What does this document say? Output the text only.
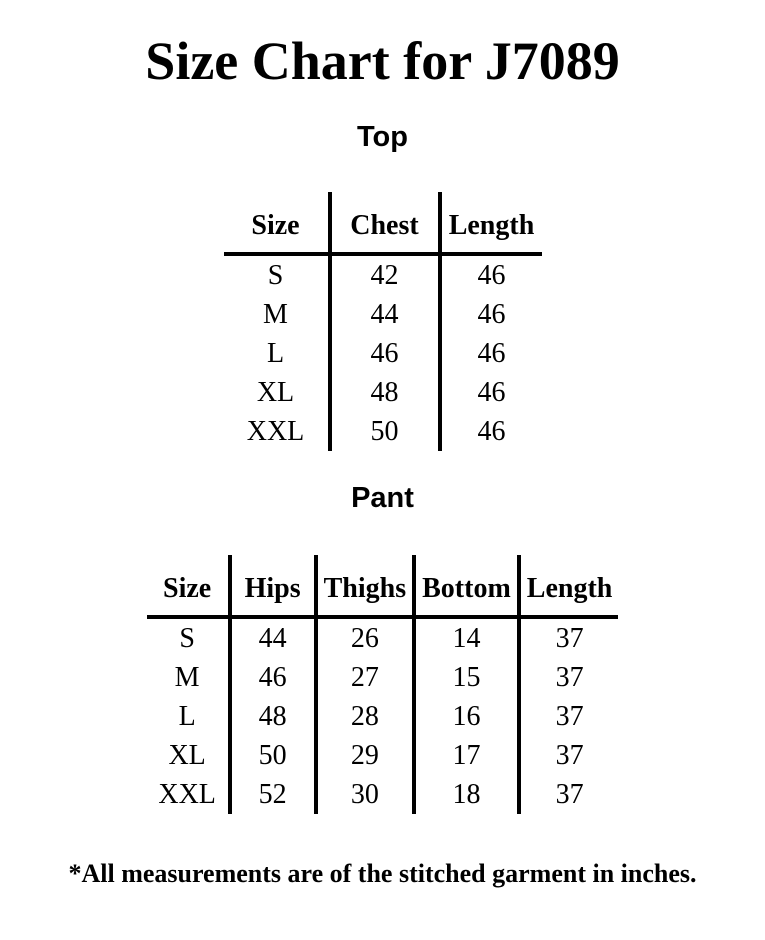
Size Chart for J7089
Top
Size	Chest	Length
S	42	46
M	44	46
L	46	46
XL	48	46
XXL	50	46
Pant
Size	Hips	Thighs	Bottom	Length
S	44	26	14	37
M	46	27	15	37
L	48	28	16	37
XL	50	29	17	37
XXL	52	30	18	37
*All measurements are of the stitched garment in inches.
